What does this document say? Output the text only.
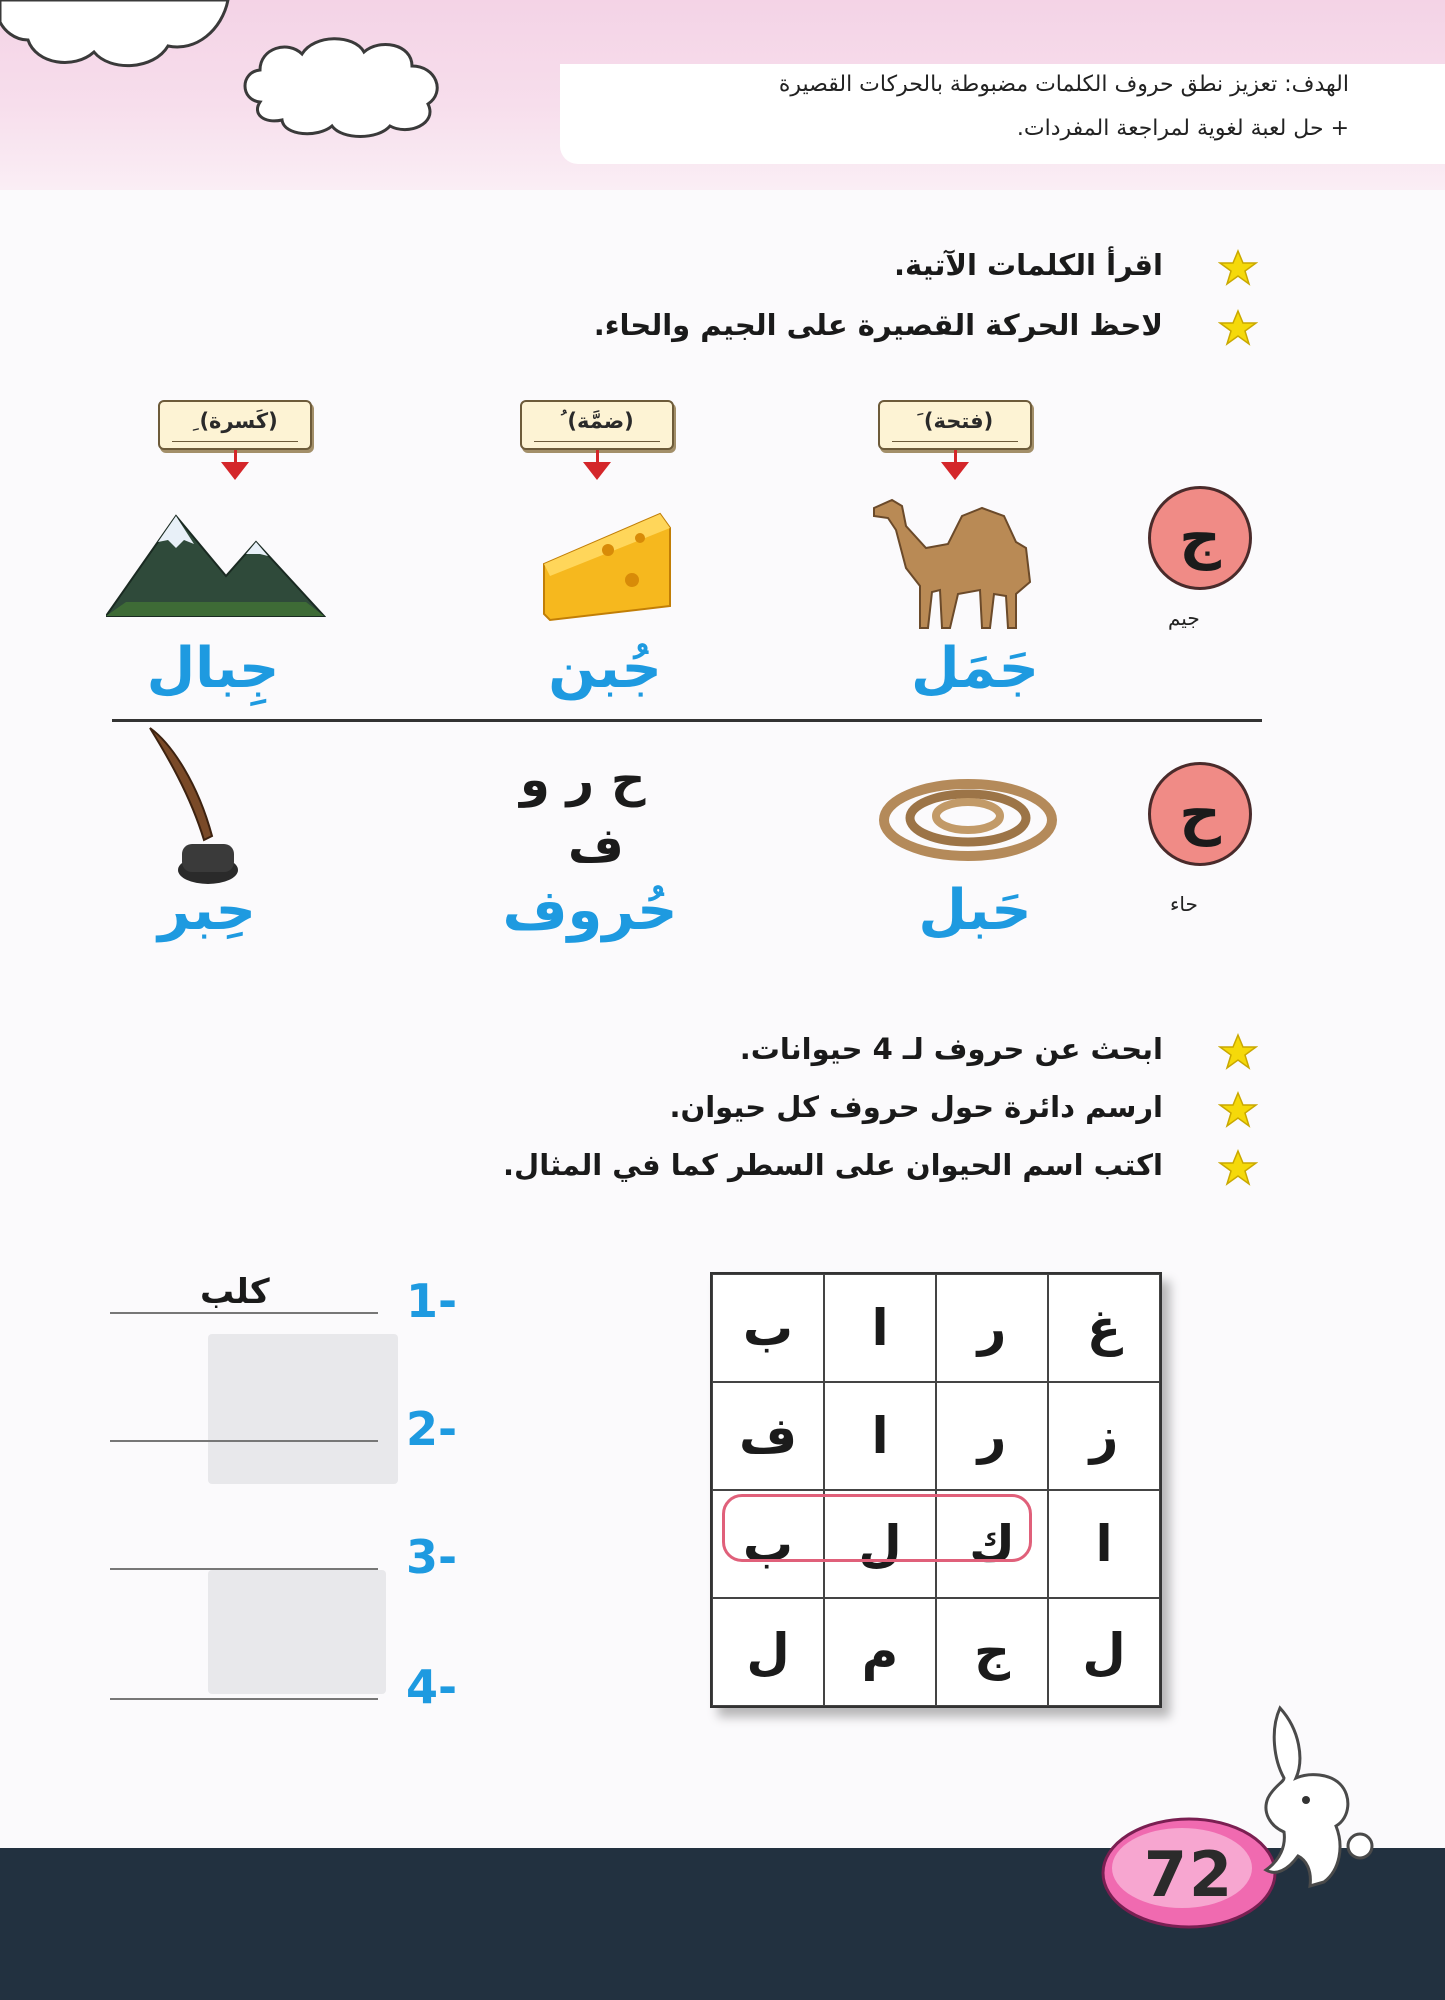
الهدف: تعزيز نطق حروف الكلمات مضبوطة بالحركات القصيرة
+ حل لعبة لغوية لمراجعة المفردات.
اقرأ الكلمات الآتية.
لاحظ الحركة القصيرة على الجيم والحاء.
(فتحة) َ
(ضمَّة) ُ
(كَسرة) ِ
ج
جيم
جَمَل
جُبن
جِبال
ح
حاء
ح ر و
ف
حَبل
حُروف
حِبر
ابحث عن حروف لـ 4 حيوانات.
ارسم دائرة حول حروف كل حيوان.
اكتب اسم الحيوان على السطر كما في المثال.
غ
ر
ا
ب
ز
ر
ا
ف
ا
ك
ل
ب
ل
ج
م
ل
كلب	1-
2-
3-
4-
72
